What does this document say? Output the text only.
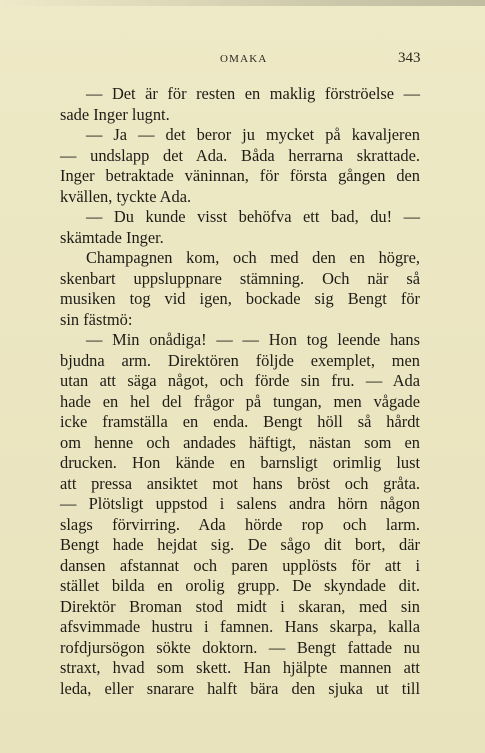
OMAKA	343
— Det är för resten en maklig förströelse —
sade Inger lugnt.
— Ja — det beror ju mycket på kavaljeren
— undslapp det Ada. Båda herrarna skrattade.
Inger betraktade väninnan, för första gången den
kvällen, tyckte Ada.
— Du kunde visst behöfva ett bad, du! —
skämtade Inger.
Champagnen kom, och med den en högre,
skenbart uppsluppnare stämning. Och när så
musiken tog vid igen, bockade sig Bengt för
sin fästmö:
— Min onådiga! — — Hon tog leende hans
bjudna arm. Direktören följde exemplet, men
utan att säga något, och förde sin fru. — Ada
hade en hel del frågor på tungan, men vågade
icke framställa en enda. Bengt höll så hårdt
om henne och andades häftigt, nästan som en
drucken. Hon kände en barnsligt orimlig lust
att pressa ansiktet mot hans bröst och gråta.
— Plötsligt uppstod i salens andra hörn någon
slags förvirring. Ada hörde rop och larm.
Bengt hade hejdat sig. De sågo dit bort, där
dansen afstannat och paren upplösts för att i
stället bilda en orolig grupp. De skyndade dit.
Direktör Broman stod midt i skaran, med sin
afsvimmade hustru i famnen. Hans skarpa, kalla
rofdjursögon sökte doktorn. — Bengt fattade nu
straxt, hvad som skett. Han hjälpte mannen att
leda, eller snarare halft bära den sjuka ut till
